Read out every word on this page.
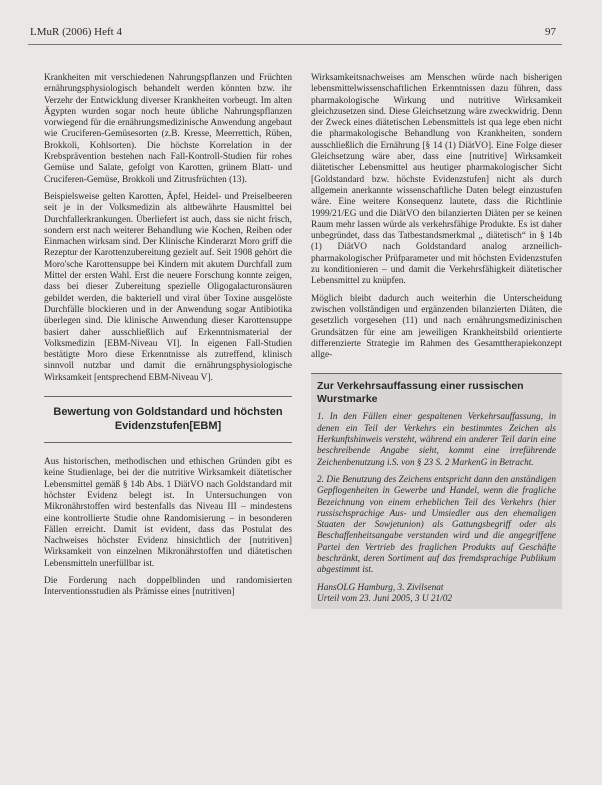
LMuR (2006) Heft 4	97

Krankheiten mit verschiedenen Nahrungspflanzen und Früchten ernährungsphysiologisch behandelt werden könnten bzw. ihr Verzehr der Entwicklung diverser Krankheiten vorbeugt. Im alten Ägypten wurden sogar noch heute übliche Nahrungspflanzen vorwiegend für die ernährungsmedizinische Anwendung angebaut wie Cruciferen-Gemüsesorten (z.B. Kresse, Meerrettich, Rüben, Brokkoli, Kohlsorten). Die höchste Korrelation in der Krebsprävention bestehen nach Fall-Kontroll-Studien für rohes Gemüse und Salate, gefolgt von Karotten, grünem Blatt- und Cruciferen-Gemüse, Brokkoli und Zitrusfrüchten (13).

Beispielsweise gelten Karotten, Äpfel, Heidel- und Preiselbeeren seit je in der Volksmedizin als altbewährte Hausmittel bei Durchfallerkrankungen. Überliefert ist auch, dass sie nicht frisch, sondern erst nach weiterer Behandlung wie Kochen, Reiben oder Einmachen wirksam sind. Der Klinische Kinderarzt Moro griff die Rezeptur der Karottenzubereitung gezielt auf. Seit 1908 gehört die Moro'sche Karottensuppe bei Kindern mit akutem Durchfall zum Mittel der ersten Wahl. Erst die neuere Forschung konnte zeigen, dass bei dieser Zubereitung spezielle Oligogalacturonsäuren gebildet werden, die bakteriell und viral über Toxine ausgelöste Durchfälle blockieren und in der Anwendung sogar Antibiotika überlegen sind. Die klinische Anwendung dieser Karottensuppe basiert daher ausschließlich auf Erkenntnismaterial der Volksmedizin [EBM-Niveau VI]. In eigenen Fall-Studien bestätigte Moro diese Erkenntnisse als zutreffend, klinisch sinnvoll nutzbar und damit die ernährungsphysiologische Wirksamkeit [entsprechend EBM-Niveau V].

Bewertung von Goldstandard und höchsten
Evidenzstufen[EBM]

Aus historischen, methodischen und ethischen Gründen gibt es keine Studienlage, bei der die nutritive Wirksamkeit diätetischer Lebensmittel gemäß § 14b Abs. 1 DiätVO nach Goldstandard mit höchster Evidenz belegt ist. In Untersuchungen von Mikronährstoffen wird bestenfalls das Niveau III – mindestens eine kontrollierte Studie ohne Randomisierung – in besonderen Fällen erreicht. Damit ist evident, dass das Postulat des Nachweises höchster Evidenz hinsichtlich der [nutritiven] Wirksamkeit von einzelnen Mikronährstoffen und diätetischen Lebensmitteln unerfüllbar ist.

Die Forderung nach doppelblinden und randomisierten Interventionsstudien als Prämisse eines [nutritiven]

Wirksamkeitsnachweises am Menschen würde nach bisherigen lebensmittelwissenschaftlichen Erkenntnissen dazu führen, dass pharmakologische Wirkung und nutritive Wirksamkeit gleichzusetzen sind. Diese Gleichsetzung wäre zweckwidrig. Denn der Zweck eines diätetischen Lebensmittels ist qua lege eben nicht die pharmakologische Behandlung von Krankheiten, sondern ausschließlich die Ernährung [§ 14 (1) DiätVO]. Eine Folge dieser Gleichsetzung wäre aber, dass eine [nutritive] Wirksamkeit diätetischer Lebensmittel aus heutiger pharmakologischer Sicht [Goldstandard bzw. höchste Evidenzstufen] nicht als durch allgemein anerkannte wissenschaftliche Daten belegt einzustufen wäre. Eine weitere Konsequenz lautete, dass die Richtlinie 1999/21/EG und die DiätVO den bilanzierten Diäten per se keinen Raum mehr lassen würde als verkehrsfähige Produkte. Es ist daher unbegründet, dass das Tatbestandsmerkmal „ diätetisch“ in § 14b (1) DiätVO nach Goldstandard analog arzneilich-pharmakologischer Prüfparameter und mit höchsten Evidenzstufen zu konditionieren – und damit die Verkehrsfähigkeit diätetischer Lebensmittel zu knüpfen.

Möglich bleibt dadurch auch weiterhin die Unterscheidung zwischen vollständigen und ergänzenden bilanzierten Diäten, die gesetzlich vorgesehen (11) und nach ernährungsmedizinischen Grundsätzen für eine am jeweiligen Krankheitsbild orientierte differenzierte Strategie im Rahmen des Gesamttherapiekonzept allge-

Zur Verkehrsauffassung einer russischen
Wurstmarke

1. In den Fällen einer gespaltenen Verkehrsauffassung, in denen ein Teil der Verkehrs ein bestimmtes Zeichen als Herkunftshinweis versteht, während ein anderer Teil darin eine beschreibende Angabe sieht, kommt eine irreführende Zeichenbenutzung i.S. von § 23 S. 2 MarkenG in Betracht.

2. Die Benutzung des Zeichens entspricht dann den anständigen Gepflogenheiten in Gewerbe und Handel, wenn die fragliche Bezeichnung von einem erheblichen Teil des Verkehrs (hier russischsprachige Aus- und Umsiedler aus den ehemaligen Staaten der Sowjetunion) als Gattungsbegriff oder als Beschaffenheitsangabe verstanden wird und die angegriffene Partei den Vertrieb des fraglichen Produkts auf Geschäfte beschränkt, deren Sortiment auf das fremdsprachige Publikum abgestimmt ist.

HansOLG Hamburg, 3. Zivilsenat
Urteil vom 23. Juni 2005, 3 U 21/02
